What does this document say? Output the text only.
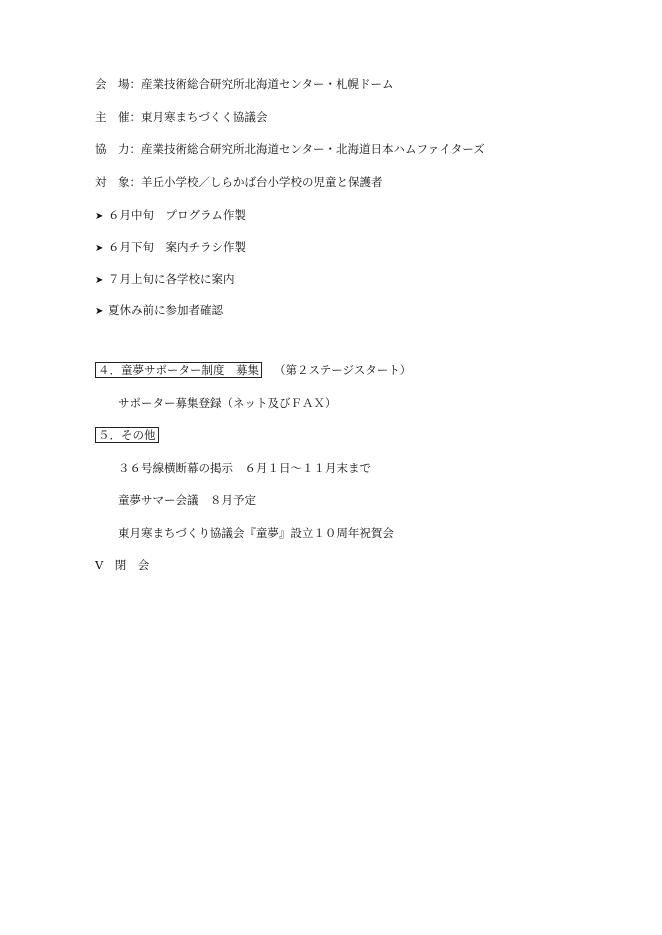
会　場：産業技術総合研究所北海道センター・札幌ドーム
主　催：東月寒まちづくく協議会
協　力：産業技術総合研究所北海道センター・北海道日本ハムファイターズ
対　象：羊丘小学校／しらかば台小学校の児童と保護者
➤ ６月中旬　プログラム作製
➤ ６月下旬　案内チラシ作製
➤ ７月上旬に各学校に案内
➤ 夏休み前に参加者確認
４．童夢サポーター制度　募集 （第２ステージスタート）
サポーター募集登録（ネット及びＦＡＸ）
５．その他
３６号線横断幕の掲示　６月１日～１１月末まで
童夢サマー会議　８月予定
東月寒まちづくり協議会『童夢』設立１０周年祝賀会
Ⅴ　閉　会
